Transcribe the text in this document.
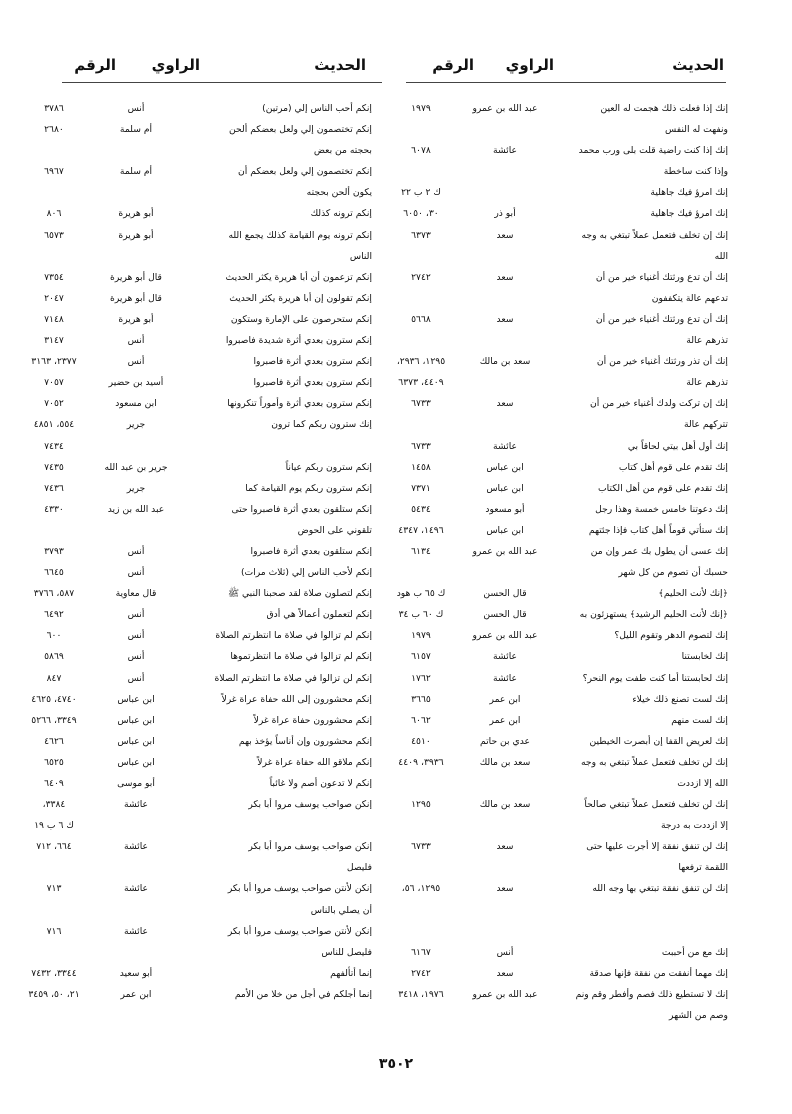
الحديث
الراوي
الرقم
الحديث
الراوي
الرقم
إنك إذا فعلت ذلك هجمت له العين
عبد الله بن عمرو
١٩٧٩
إنكم أحب الناس إلي (مرتين)
أنس
٣٧٨٦
ونفهت له النفس
إنكم تختصمون إلي ولعل بعضكم ألحن
أم سلمة
٢٦٨٠
إنك إذا كنت راضية قلت بلى ورب محمد
عائشة
٦٠٧٨
بحجته من بعض
وإذا كنت ساخطة
إنكم تختصمون إلي ولعل بعضكم أن
أم سلمة
٦٩٦٧
إنك امرؤ فيك جاهلية
ك ٢ ب ٢٢
يكون ألحن بحجته
إنك امرؤ فيك جاهلية
أبو ذر
٣٠، ٦٠٥٠
إنكم ترونه كذلك
أبو هريرة
٨٠٦
إنك إن تخلف فتعمل عملاً تبتغي به وجه
سعد
٦٣٧٣
إنكم ترونه يوم القيامة كذلك يجمع الله
أبو هريرة
٦٥٧٣
الله
الناس
إنك أن تدع ورثتك أغنياء خير من أن
سعد
٢٧٤٢
إنكم تزعمون أن أبا هريرة يكثر الحديث
قال أبو هريرة
٧٣٥٤
تدعهم عالة يتكففون
إنكم تقولون إن أبا هريرة يكثر الحديث
قال أبو هريرة
٢٠٤٧
إنك أن تدع ورثتك أغنياء خير من أن
سعد
٥٦٦٨
إنكم ستحرصون على الإمارة وستكون
أبو هريرة
٧١٤٨
تذرهم عالة
إنكم سترون بعدي أثرة شديدة فاصبروا
أنس
٣١٤٧
إنك أن تذر ورثتك أغنياء خير من أن
سعد بن مالك
١٢٩٥، ٢٩٣٦،
إنكم سترون بعدي أثرة فاصبروا
أنس
٢٣٧٧، ٣١٦٣
تذرهم عالة
٤٤٠٩، ٦٣٧٣
إنكم سترون بعدي أثرة فاصبروا
أسيد بن حضير
٧٠٥٧
إنك إن تركت ولدك أغنياء خير من أن
سعد
٦٧٣٣
إنكم سترون بعدي أثرة وأموراً تنكرونها
ابن مسعود
٧٠٥٢
تتركهم عالة
إنك سترون ربكم كما ترون
جرير
٥٥٤، ٤٨٥١
إنك أول أهل بيتي لحاقاً بي
عائشة
٦٧٣٣
٧٤٣٤
إنك تقدم على قوم أهل كتاب
ابن عباس
١٤٥٨
إنكم سترون ربكم عياناً
جرير بن عبد الله
٧٤٣٥
إنك تقدم على قوم من أهل الكتاب
ابن عباس
٧٣٧١
إنكم سترون ربكم يوم القيامة كما
جرير
٧٤٣٦
إنك دعوتنا خامس خمسة وهذا رجل
أبو مسعود
٥٤٣٤
إنكم ستلقون بعدي أثرة فاصبروا حتى
عبد الله بن زيد
٤٣٣٠
إنك ستأتي قوماً أهل كتاب فإذا جئتهم
ابن عباس
١٤٩٦، ٤٣٤٧
تلقوني على الحوض
إنك عسى أن يطول بك عمر وإن من
عبد الله بن عمرو
٦١٣٤
إنكم ستلقون بعدي أثرة فاصبروا
أنس
٣٧٩٣
حسبك أن تصوم من كل شهر
إنكم لأحب الناس إلي (ثلاث مرات)
أنس
٦٦٤٥
﴿إنك لأنت الحليم﴾
قال الحسن
ك ٦٥ ب هود
إنكم لتصلون صلاة لقد صحبنا النبي ﷺ
قال معاوية
٥٨٧، ٣٧٦٦
﴿إنك لأنت الحليم الرشيد﴾ يستهزئون به
قال الحسن
ك ٦٠ ب ٣٤
إنكم لتعملون أعمالاً هي أدق
أنس
٦٤٩٢
إنك لتصوم الدهر وتقوم الليل؟
عبد الله بن عمرو
١٩٧٩
إنكم لم تزالوا في صلاة ما انتظرتم الصلاة
أنس
٦٠٠
إنك لخابستنا
عائشة
٦١٥٧
إنكم لم تزالوا في صلاة ما انتظرتموها
أنس
٥٨٦٩
إنك لحابستنا أما كنت طفت يوم النحر؟
عائشة
١٧٦٢
إنكم لن تزالوا في صلاة ما انتظرتم الصلاة
أنس
٨٤٧
إنك لست تصنع ذلك خيلاء
ابن عمر
٣٦٦٥
إنكم محشورون إلى الله حفاة عراة غرلاً
ابن عباس
٤٧٤٠، ٤٦٢٥
إنك لست منهم
ابن عمر
٦٠٦٢
إنكم محشورون حفاة عراة غرلاً
ابن عباس
٣٣٤٩، ٥٢٦٦
إنك لعريض القفا إن أبصرت الخيطين
عدي بن حاتم
٤٥١٠
إنكم محشورون وإن أناساً يؤخذ بهم
ابن عباس
٤٦٢٦
إنك لن تخلف فتعمل عملاً تبتغي به وجه
سعد بن مالك
٣٩٣٦، ٤٤٠٩
إنكم ملاقو الله حفاة عراة غرلاً
ابن عباس
٦٥٢٥
الله إلا ازددت
إنكم لا تدعون أصم ولا غائباً
أبو موسى
٦٤٠٩
إنك لن تخلف فتعمل عملاً تبتغي صالحاً
سعد بن مالك
١٢٩٥
إنكن صواحب يوسف مروا أبا بكر
عائشة
٣٣٨٤،
إلا ازددت به درجة
ك ٦ ب ١٩
إنك لن تنفق نفقة إلا أجرت عليها حتى
سعد
٦٧٣٣
إنكن صواحب يوسف مروا أبا بكر
عائشة
٦٦٤، ٧١٢
اللقمة ترفعها
فليصل
إنك لن تنفق نفقة تبتغي بها وجه الله
سعد
١٢٩٥، ٥٦،
إنكن لأنتن صواحب يوسف مروا أبا بكر
عائشة
٧١٣
أن يصلي بالناس
إنكن لأنتن صواحب يوسف مروا أبا بكر
عائشة
٧١٦
إنك مع من أحببت
أنس
٦١٦٧
فليصل للناس
إنك مهما أنفقت من نفقة فإنها صدقة
سعد
٢٧٤٢
إنما أتألفهم
أبو سعيد
٣٣٤٤، ٧٤٣٢
إنك لا تستطيع ذلك فصم وأفطر وقم ونم
عبد الله بن عمرو
١٩٧٦، ٣٤١٨
إنما أجلكم في أجل من خلا من الأمم
ابن عمر
٢١، ٥٠، ٣٤٥٩
وصم من الشهر
٣٥٠٢
